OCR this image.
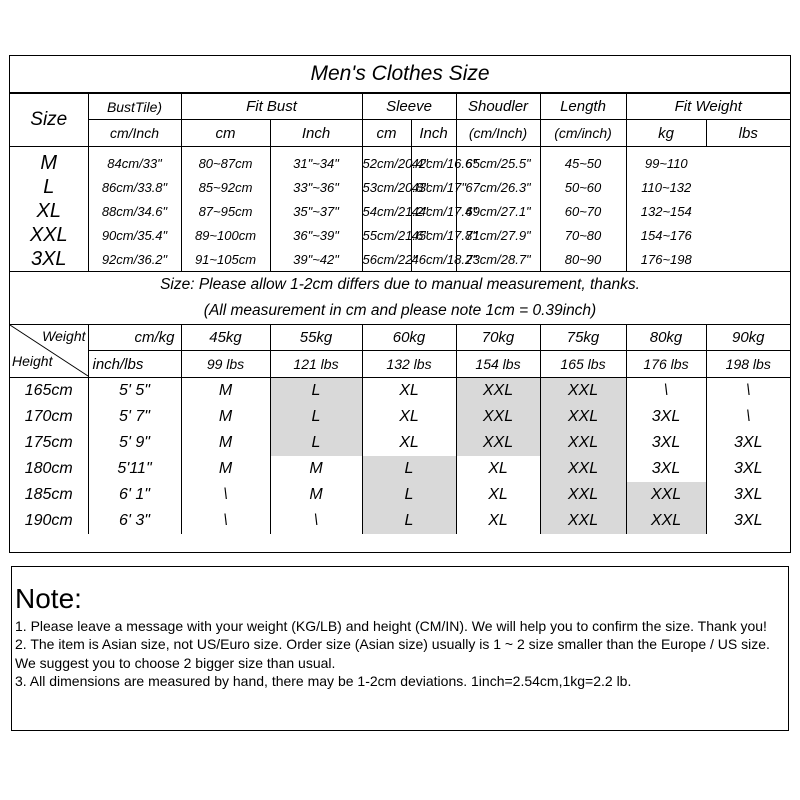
Men's Clothes Size
Size	BustTile)	Fit Bust		Sleeve		Shoudler	Length	Fit Weight	
	cm/Inch	cm	Inch	cm	Inch	(cm/Inch)	(cm/inch)	kg	lbs
M	84cm/33"	80~87cm	31"~34"	52cm/20.4"	42cm/16.6"	65cm/25.5"	45~50	99~110	
L	86cm/33.8"	85~92cm	33"~36"	53cm/20.8"	43cm/17"	67cm/26.3"	50~60	110~132	
XL	88cm/34.6"	87~95cm	35"~37"	54cm/21.2"	44cm/17.4"	69cm/27.1"	60~70	132~154	
XXL	90cm/35.4"	89~100cm	36"~39"	55cm/21.6"	45cm/17.8"	71cm/27.9"	70~80	154~176	
3XL	92cm/36.2"	91~105cm	39"~42"	56cm/22"	46cm/18.2"	73cm/28.7"	80~90	176~198	
Size: Please allow 1-2cm differs due to manual measurement, thanks.
(All measurement in cm and please note 1cm = 0.39inch)
Weight
Height	cm/kg	45kg	55kg	60kg	70kg	75kg	80kg	90kg
	inch/lbs	99 lbs	121 lbs	132 lbs	154 lbs	165 lbs	176 lbs	198 lbs
165cm	5' 5"	M	L	XL	XXL	XXL	\	\
170cm	5' 7"	M	L	XL	XXL	XXL	3XL	\
175cm	5' 9"	M	L	XL	XXL	XXL	3XL	3XL
180cm	5'11"	M	M	L	XL	XXL	3XL	3XL
185cm	6' 1"	\	M	L	XL	XXL	XXL	3XL
190cm	6' 3"	\	\	L	XL	XXL	XXL	3XL
Note:
1. Please leave a message with your weight (KG/LB) and height (CM/IN). We will help you to confirm the size. Thank you!
2. The item is Asian size, not US/Euro size. Order size (Asian size) usually is 1 ~ 2 size smaller than the Europe / US size.
We suggest you to choose 2 bigger size than usual.
3. All dimensions are measured by hand, there may be 1-2cm deviations. 1inch=2.54cm,1kg=2.2 lb.
